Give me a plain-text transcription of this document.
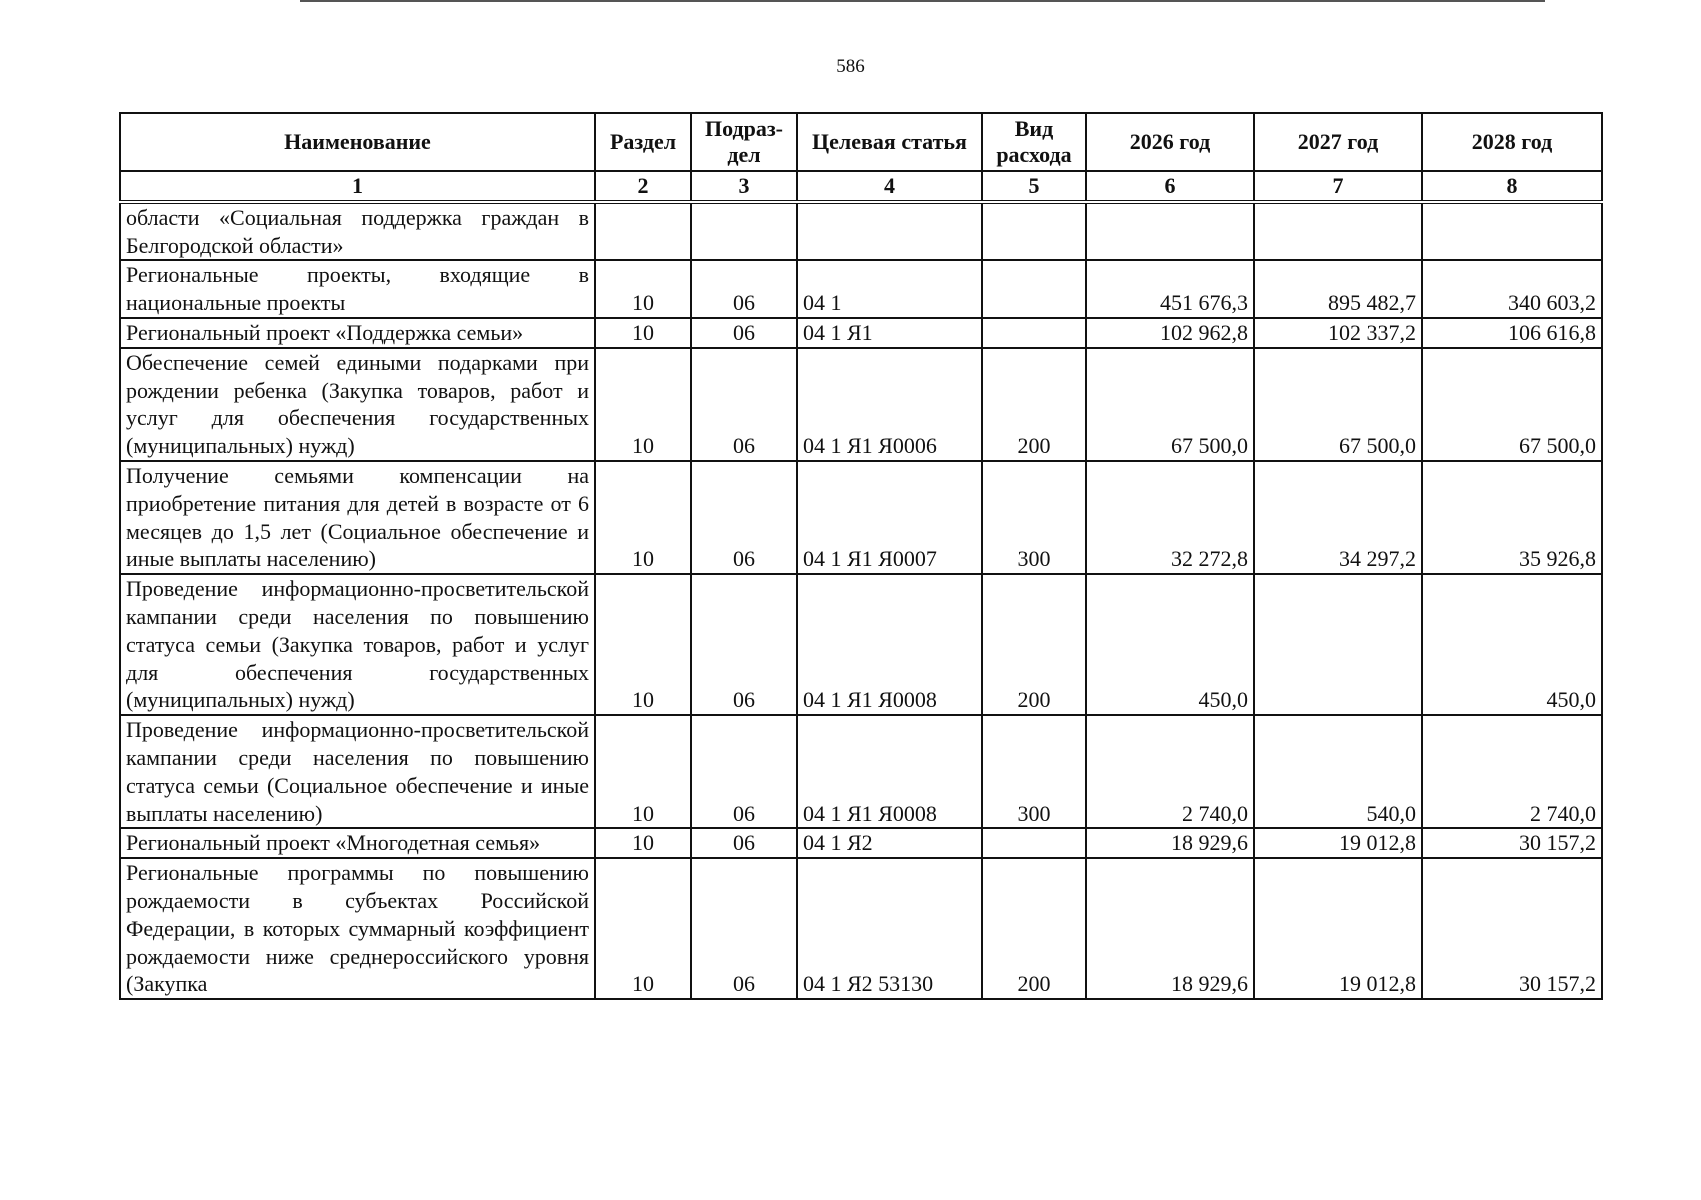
586
Наименование	Раздел	Подраз- дел	Целевая статья	Вид расхода	2026 год	2027 год	2028 год
1	2	3	4	5	6	7	8
области «Социальная поддержка граждан в Белгородской области»							
Региональные проекты, входящие в национальные проекты	10	06	04 1		451 676,3	895 482,7	340 603,2
Региональный проект «Поддержка семьи»	10	06	04 1 Я1		102 962,8	102 337,2	106 616,8
Обеспечение семей едиными подарками при рождении ребенка (Закупка товаров, работ и услуг для обеспечения государственных (муниципальных) нужд)	10	06	04 1 Я1 Я0006	200	67 500,0	67 500,0	67 500,0
Получение семьями компенсации на приобретение питания для детей в возрасте от 6 месяцев до 1,5 лет (Социальное обеспечение и иные выплаты населению)	10	06	04 1 Я1 Я0007	300	32 272,8	34 297,2	35 926,8
Проведение информационно-просветительской кампании среди населения по повышению статуса семьи (Закупка товаров, работ и услуг для обеспечения государственных (муниципальных) нужд)	10	06	04 1 Я1 Я0008	200	450,0		450,0
Проведение информационно-просветительской кампании среди населения по повышению статуса семьи (Социальное обеспечение и иные выплаты населению)	10	06	04 1 Я1 Я0008	300	2 740,0	540,0	2 740,0
Региональный проект «Многодетная семья»	10	06	04 1 Я2		18 929,6	19 012,8	30 157,2
Региональные программы по повышению рождаемости в субъектах Российской Федерации, в которых суммарный коэффициент рождаемости ниже среднероссийского уровня (Закупка	10	06	04 1 Я2 53130	200	18 929,6	19 012,8	30 157,2
